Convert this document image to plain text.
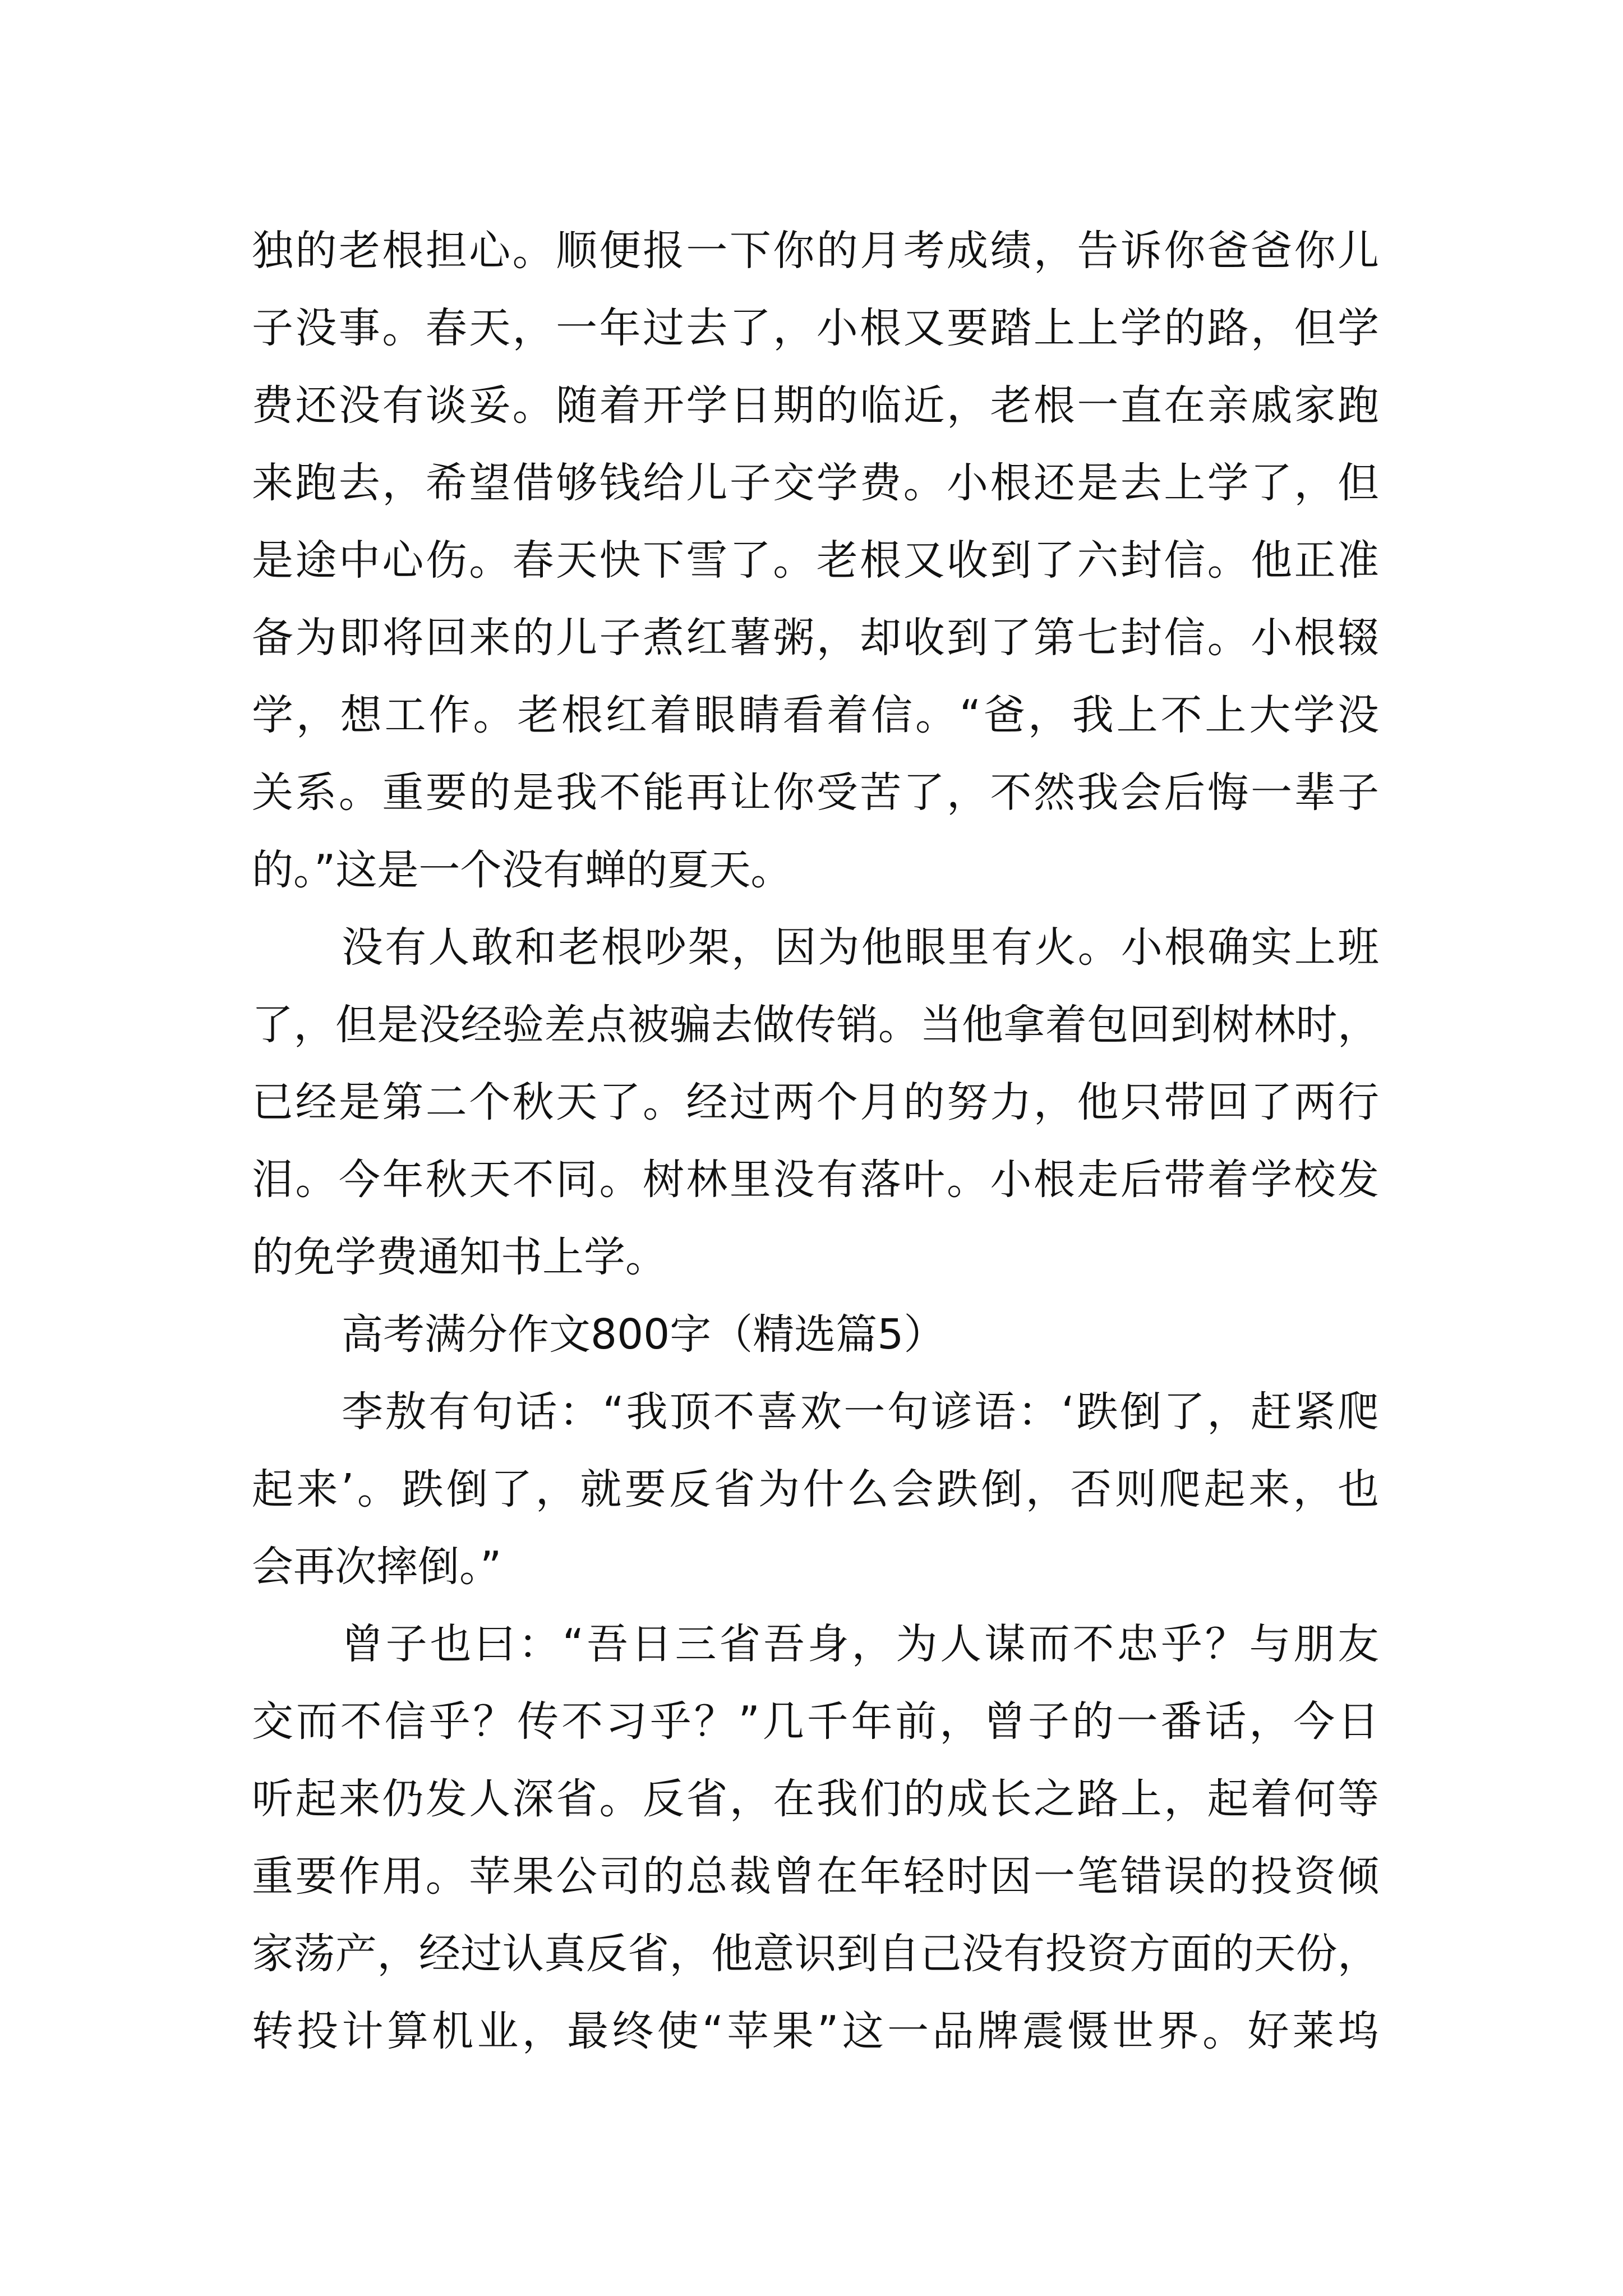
独的老根担心。顺便报一下你的月考成绩，告诉你爸爸你儿
子没事。春天，一年过去了，小根又要踏上上学的路，但学
费还没有谈妥。随着开学日期的临近，老根一直在亲戚家跑
来跑去，希望借够钱给儿子交学费。小根还是去上学了，但
是途中心伤。春天快下雪了。老根又收到了六封信。他正准
备为即将回来的儿子煮红薯粥，却收到了第七封信。小根辍
学，想工作。老根红着眼睛看着信。“爸，我上不上大学没
关系。重要的是我不能再让你受苦了，不然我会后悔一辈子
的。”这是一个没有蝉的夏天。
没有人敢和老根吵架，因为他眼里有火。小根确实上班
了，但是没经验差点被骗去做传销。当他拿着包回到树林时，
已经是第二个秋天了。经过两个月的努力，他只带回了两行
泪。今年秋天不同。树林里没有落叶。小根走后带着学校发
的免学费通知书上学。
高考满分作文800字（精选篇5）
李敖有句话：“我顶不喜欢一句谚语：‘跌倒了，赶紧爬
起来’。跌倒了，就要反省为什么会跌倒，否则爬起来，也
会再次摔倒。”
曾子也曰：“吾日三省吾身，为人谋而不忠乎？与朋友
交而不信乎？传不习乎？”几千年前，曾子的一番话，今日
听起来仍发人深省。反省，在我们的成长之路上，起着何等
重要作用。苹果公司的总裁曾在年轻时因一笔错误的投资倾
家荡产，经过认真反省，他意识到自己没有投资方面的天份，
转投计算机业，最终使“苹果”这一品牌震慑世界。好莱坞
